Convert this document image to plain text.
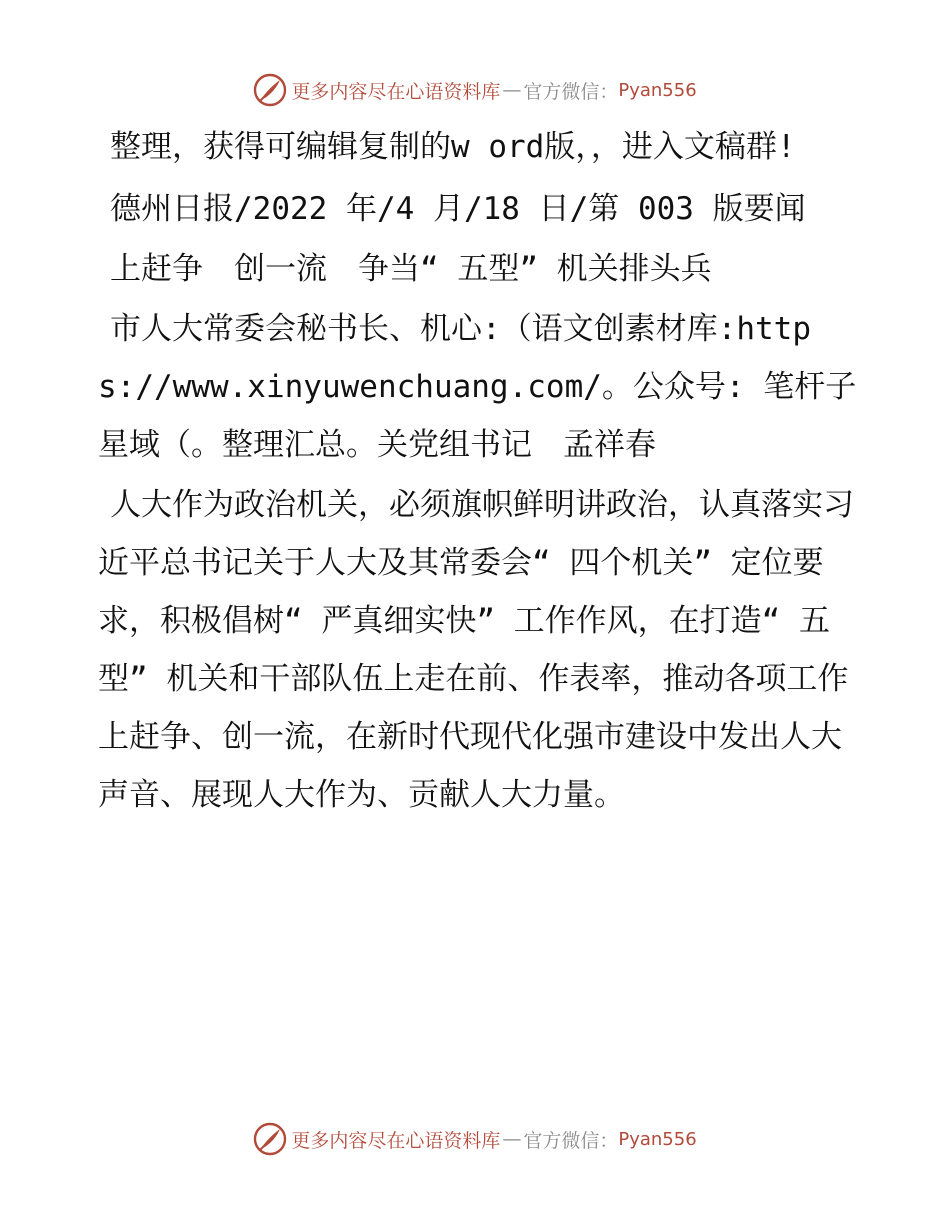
更多内容尽在心语资料库 — 官方微信： Pyan556

整理，获得可编辑复制的w ord版，，进入文稿群!

德州日报/2022 年/4 月/18 日/第 003 版要闻

上赶争　创一流　争当“ 五型” 机关排头兵

市人大常委会秘书长、机心:（语文创素材库:https://www.xinyuwenchuang.com/。公众号: 笔杆子星域（。整理汇总。关党组书记　孟祥春

人大作为政治机关，必须旗帜鲜明讲政治，认真落实习近平总书记关于人大及其常委会“ 四个机关” 定位要求，积极倡树“ 严真细实快” 工作作风，在打造“ 五型” 机关和干部队伍上走在前、作表率，推动各项工作上赶争、创一流，在新时代现代化强市建设中发出人大声音、展现人大作为、贡献人大力量。

更多内容尽在心语资料库 — 官方微信： Pyan556
